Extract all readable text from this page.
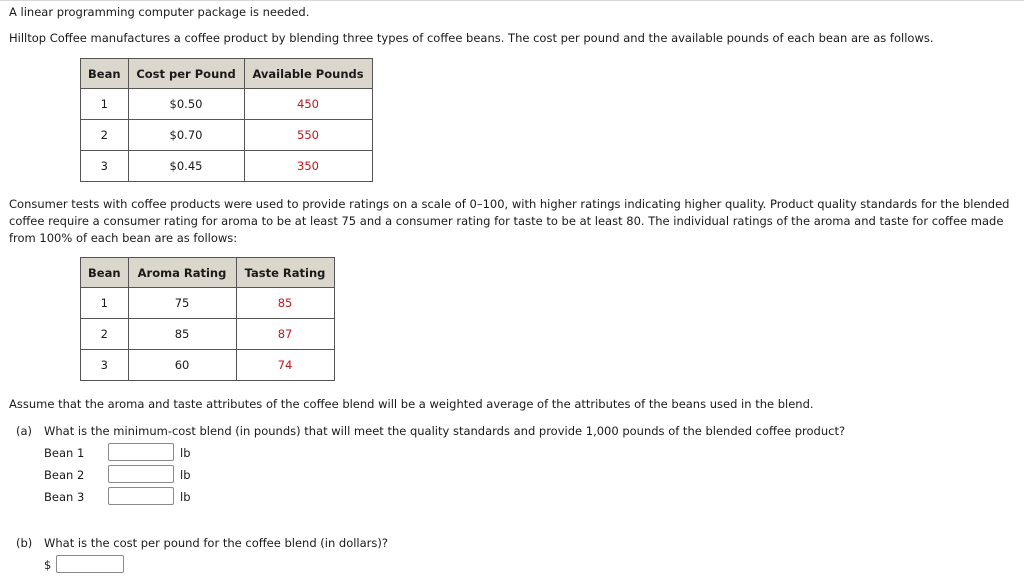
A linear programming computer package is needed.
Hilltop Coffee manufactures a coffee product by blending three types of coffee beans. The cost per pound and the available pounds of each bean are as follows.
Bean	Cost per Pound	Available Pounds
1	$0.50	450
2	$0.70	550
3	$0.45	350
Consumer tests with coffee products were used to provide ratings on a scale of 0–100, with higher ratings indicating higher quality. Product quality standards for the blended coffee require a consumer rating for aroma to be at least 75 and a consumer rating for taste to be at least 80. The individual ratings of the aroma and taste for coffee made from 100% of each bean are as follows:
Bean	Aroma Rating	Taste Rating
1	75	85
2	85	87
3	60	74
Assume that the aroma and taste attributes of the coffee blend will be a weighted average of the attributes of the beans used in the blend.
(a) What is the minimum-cost blend (in pounds) that will meet the quality standards and provide 1,000 pounds of the blended coffee product?
Bean 1	lb
Bean 2	lb
Bean 3	lb
(b) What is the cost per pound for the coffee blend (in dollars)?
$
